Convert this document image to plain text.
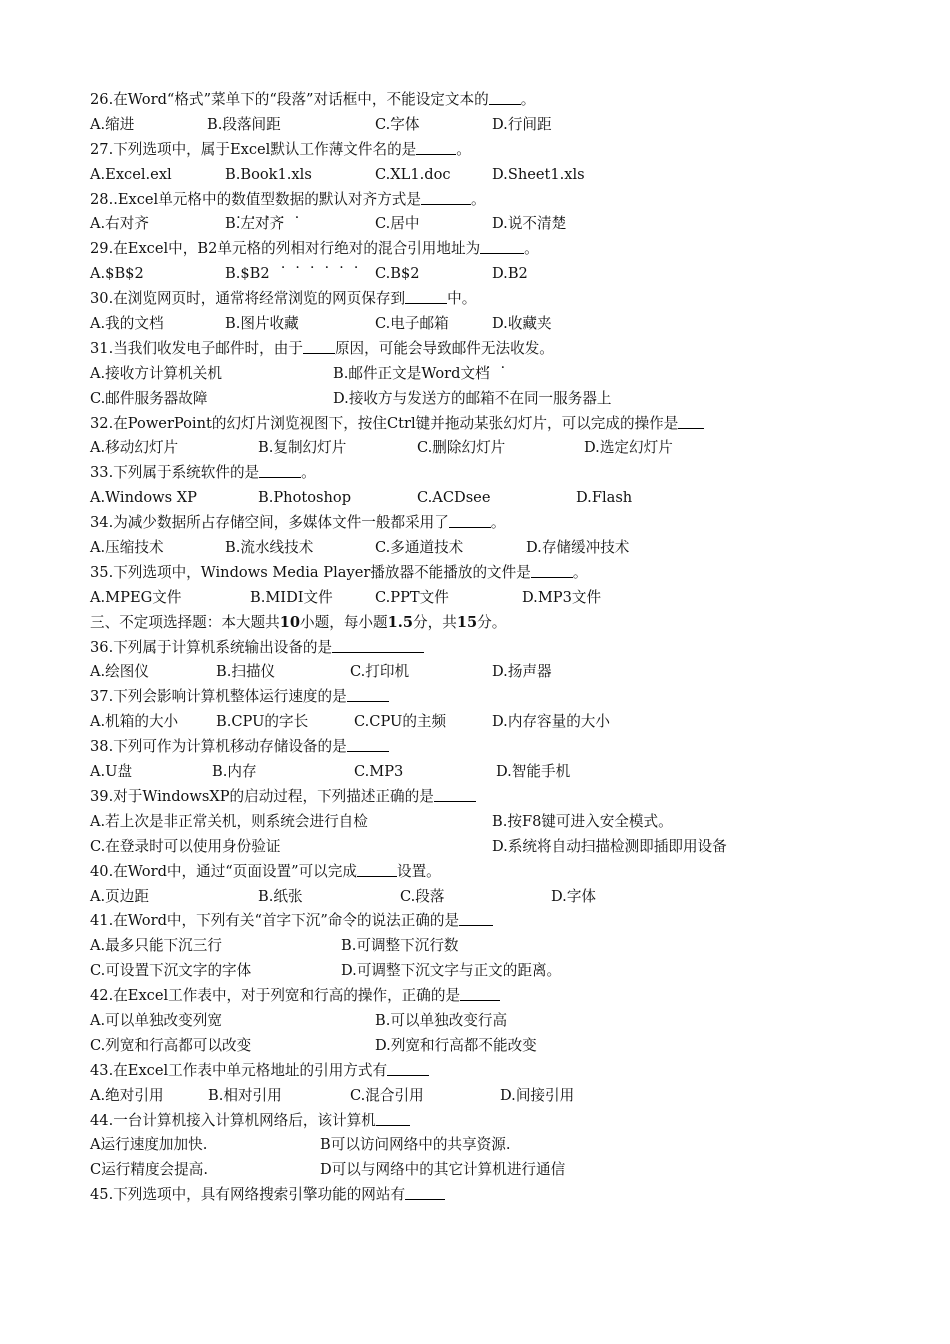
26.在Word“格式”菜单下的“段落”对话框中，不能设定文本的 。
A.缩进	B.段落间距	C.字体	D.行间距
27.下列选项中，属于Excel默认工作薄文件名的是	。
A.Excel.exl	B.Book1.xls	C.XL1.doc	D.Sheet1.xls
28..Excel单元格中的数值型数据的默认对齐方式是	。
A.右对齐	B.左对齐	C.居中	D.说不清楚
29.在Excel中，B2单元格的列相对行绝对的混合引用地址为	。
A.$B$2	B.$B2	C.B$2	D.B2
30.在浏览网页时，通常将经常浏览的网页保存到	中。
A.我的文档	B.图片收藏	C.电子邮箱	D.收藏夹
31.当我们收发电子邮件时，由于 原因，可能会导致邮件无法收发。
A.接收方计算机关机	B.邮件正文是Word文档
C.邮件服务器故障	D.接收方与发送方的邮箱不在同一服务器上
32.在PowerPoint的幻灯片浏览视图下，按住Ctrl键并拖动某张幻灯片，可以完成的操作是
A.移动幻灯片	B.复制幻灯片	C.删除幻灯片	D.选定幻灯片
33.下列属于系统软件的是	。
A.Windows XP	B.Photoshop	C.ACDsee	D.Flash
34.为减少数据所占存储空间，多媒体文件一般都采用了	。
A.压缩技术	B.流水线技术	C.多通道技术	D.存储缓冲技术
35.下列选项中，Windows Media Player播放器不能播放的文件是	。
A.MPEG文件	B.MIDI文件	C.PPT文件	D.MP3文件
三、不定项选择题：本大题共10小题，每小题1.5分，共15分。
36.下列属于计算机系统输出设备的是
A.绘图仪	B.扫描仪	C.打印机	D.扬声器
37.下列会影响计算机整体运行速度的是
A.机箱的大小	B.CPU的字长	C.CPU的主频	D.内存容量的大小
38.下列可作为计算机移动存储设备的是
A.U盘	B.内存	C.MP3	D.智能手机
39.对于WindowsXP的启动过程，下列描述正确的是
A.若上次是非正常关机，则系统会进行自检	B.按F8键可进入安全模式。
C.在登录时可以使用身份验证	D.系统将自动扫描检测即插即用设备
40.在Word中，通过“页面设置”可以完成	设置。
A.页边距	B.纸张	C.段落	D.字体
41.在Word中，下列有关“首字下沉”命令的说法正确的是
A.最多只能下沉三行	B.可调整下沉行数
C.可设置下沉文字的字体	D.可调整下沉文字与正文的距离。
42.在Excel工作表中，对于列宽和行高的操作，正确的是
A.可以单独改变列宽	B.可以单独改变行高
C.列宽和行高都可以改变	D.列宽和行高都不能改变
43.在Excel工作表中单元格地址的引用方式有
A.绝对引用	B.相对引用	C.混合引用	D.间接引用
44.一台计算机接入计算机网络后，该计算机
A运行速度加加快.	B可以访问网络中的共享资源.
C运行精度会提高.	D可以与网络中的其它计算机进行通信
45.下列选项中，具有网络搜索引擎功能的网站有
